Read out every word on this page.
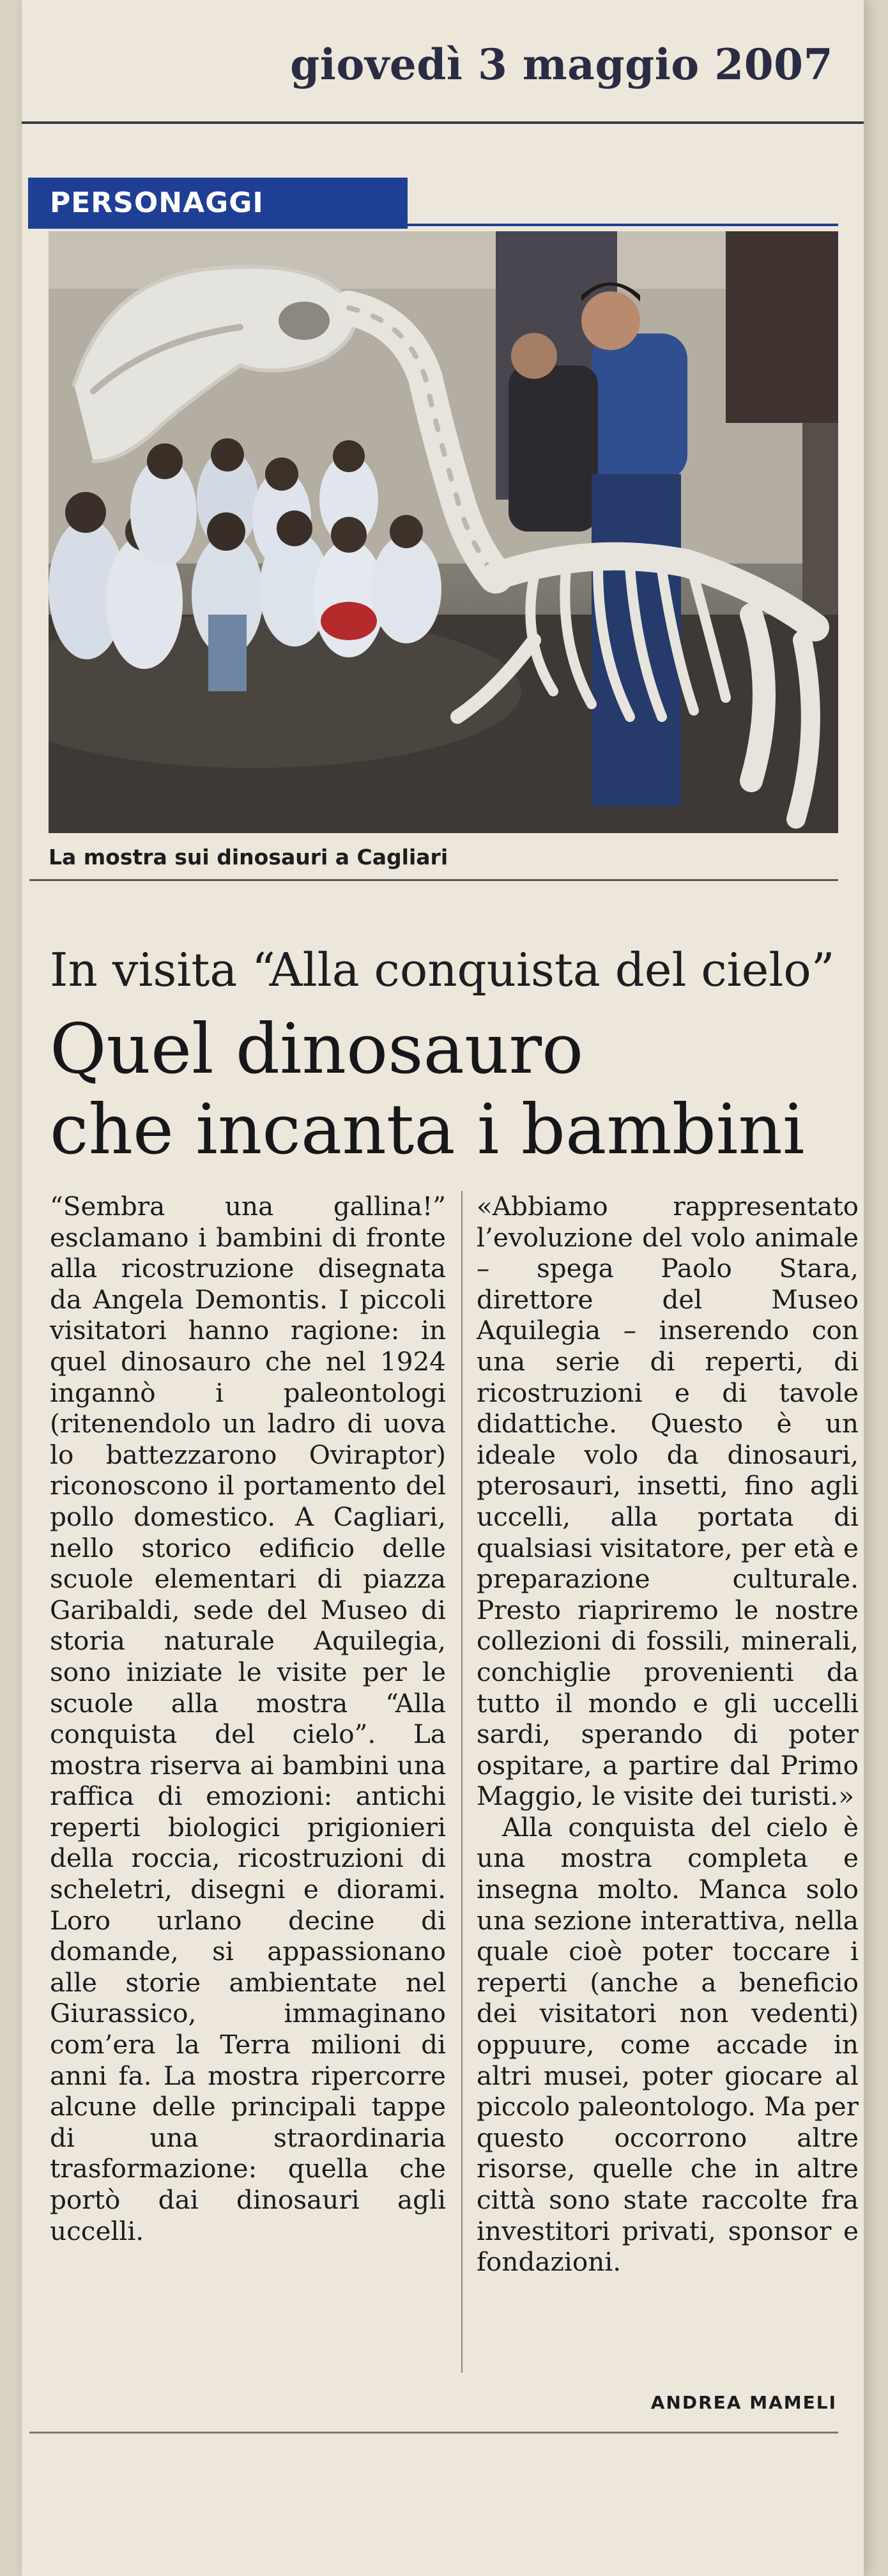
giovedì 3 maggio 2007
PERSONAGGI
La mostra sui dinosauri a Cagliari
In visita “Alla conquista del cielo”
Quel dinosauro
che incanta i bambini

“Sembra una gallina!” esclamano i bambini di fronte alla ricostruzione disegnata da Angela Demontis. I piccoli visitatori hanno ragione: in quel dinosauro che nel 1924 ingannò i paleontologi (ritenendolo un ladro di uova lo battezzarono Oviraptor) riconoscono il portamento del pollo domestico. A Cagliari, nello storico edificio delle scuole elementari di piazza Garibaldi, sede del Museo di storia naturale Aquilegia, sono iniziate le visite per le scuole alla mostra “Alla conquista del cielo”. La mostra riserva ai bambini una raffica di emozioni: antichi reperti biologici prigionieri della roccia, ricostruzioni di scheletri, disegni e diorami. Loro urlano decine di domande, si appassionano alle storie ambientate nel Giurassico, immaginano com’era la Terra milioni di anni fa. La mostra ripercorre alcune delle principali tappe di una straordinaria trasformazione: quella che portò dai dinosauri agli uccelli.

«Abbiamo rappresentato l’evoluzione del volo animale – spega Paolo Stara, direttore del Museo Aquilegia – inserendo con una serie di reperti, di ricostruzioni e di tavole didattiche. Questo è un ideale volo da dinosauri, pterosauri, insetti, fino agli uccelli, alla portata di qualsiasi visitatore, per età e preparazione culturale. Presto riapriremo le nostre collezioni di fossili, minerali, conchiglie provenienti da tutto il mondo e gli uccelli sardi, sperando di poter ospitare, a partire dal Primo Maggio, le visite dei turisti.»

Alla conquista del cielo è una mostra completa e insegna molto. Manca solo una sezione interattiva, nella quale cioè poter toccare i reperti (anche a beneficio dei visitatori non vedenti) oppuure, come accade in altri musei, poter giocare al piccolo paleontologo. Ma per questo occorrono altre risorse, quelle che in altre città sono state raccolte fra investitori privati, sponsor e fondazioni.

ANDREA MAMELI
